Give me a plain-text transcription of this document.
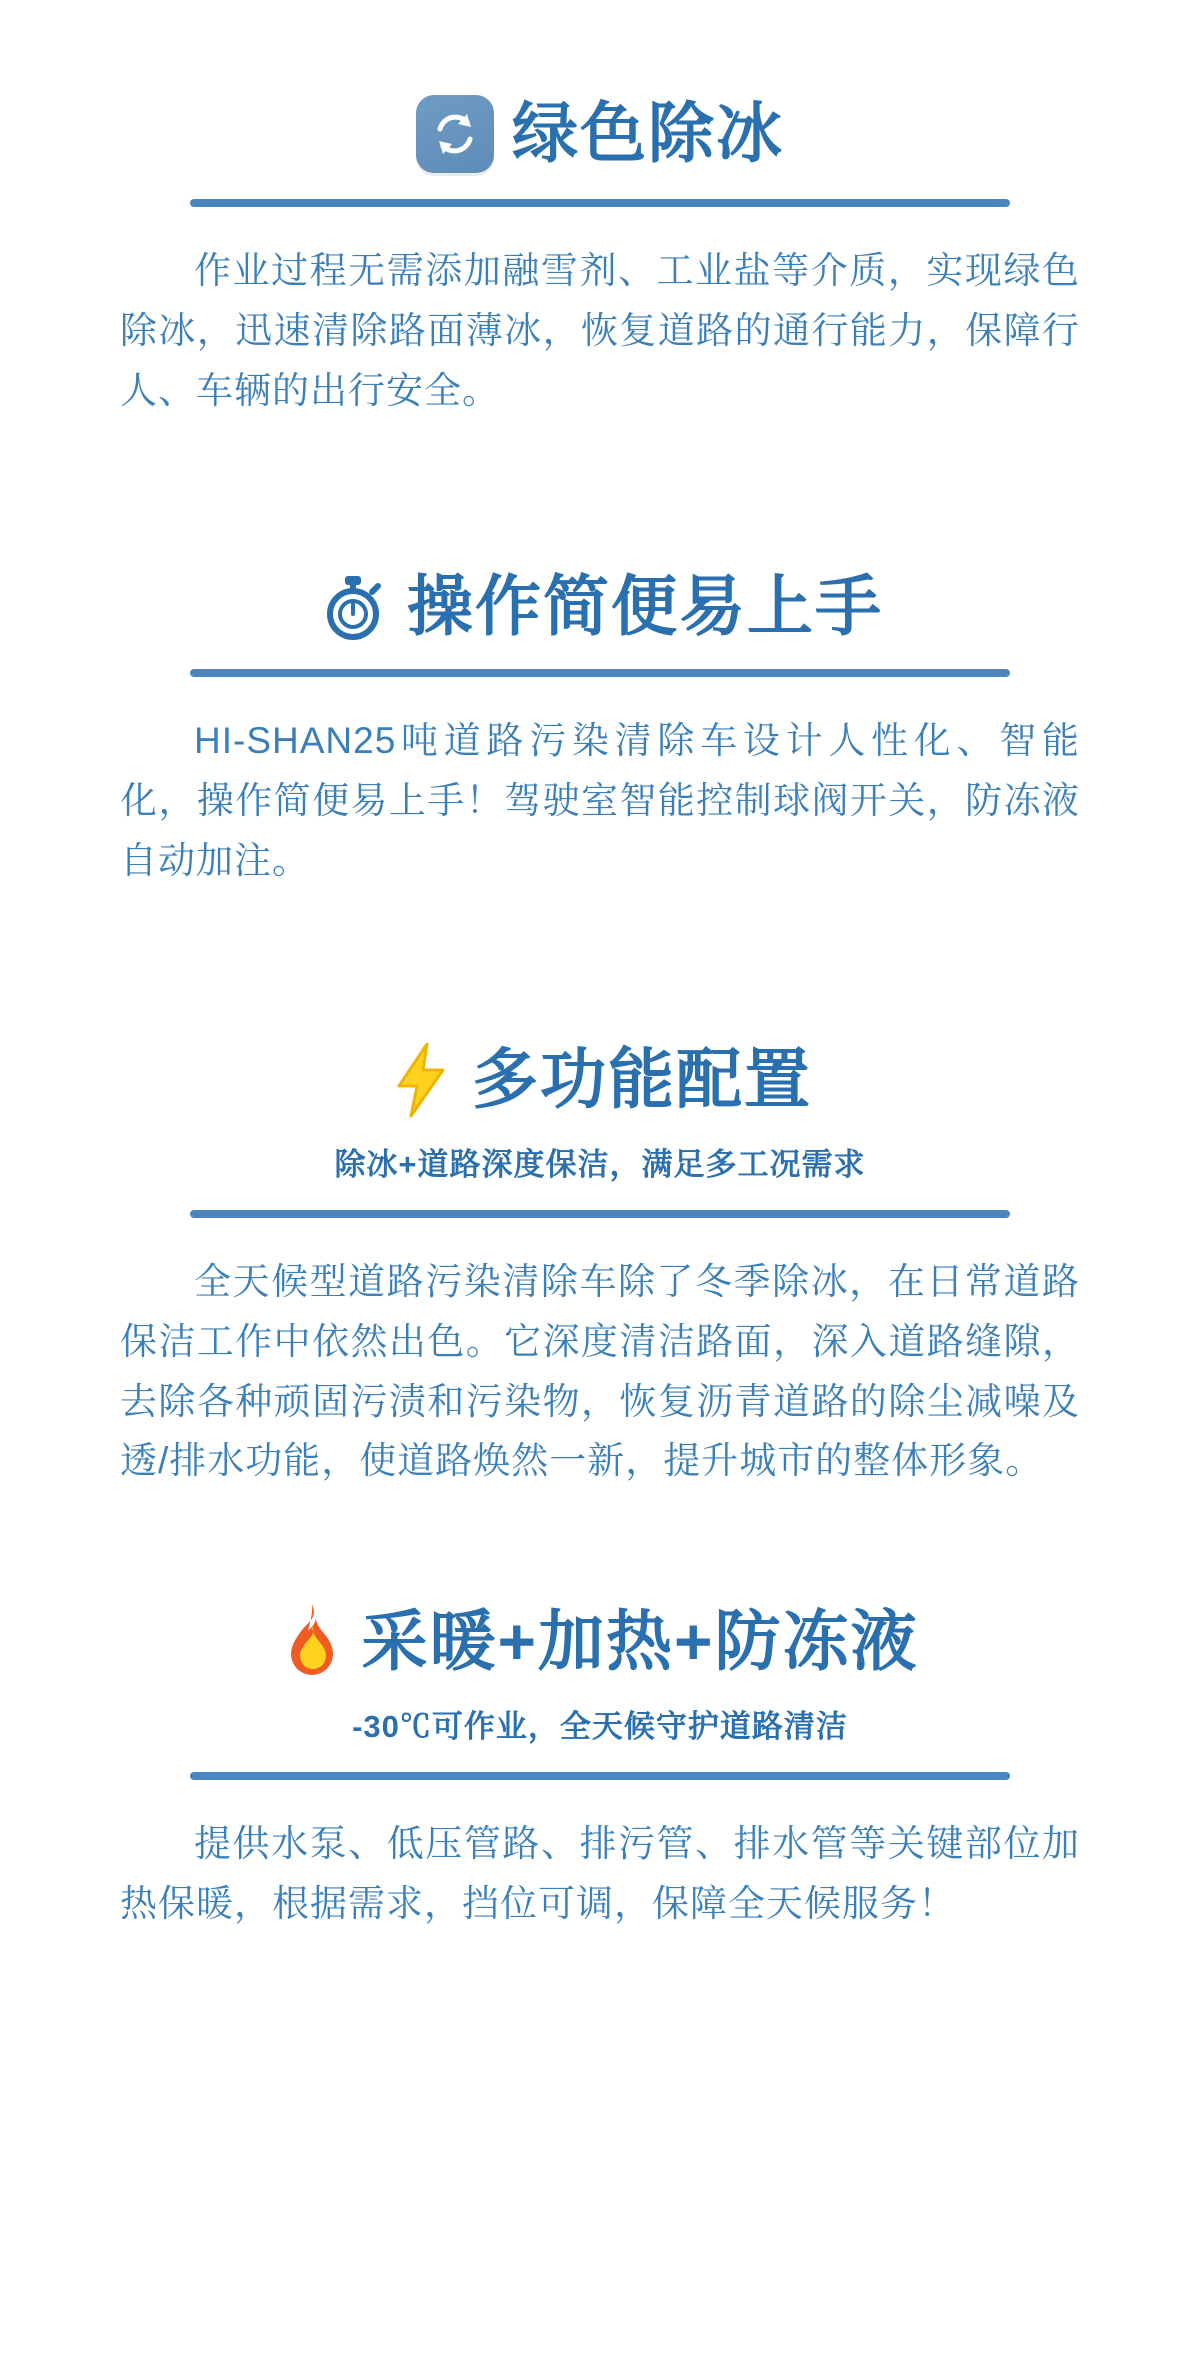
绿色除冰

作业过程无需添加融雪剂、工业盐等介质，实现绿色除冰，迅速清除路面薄冰，恢复道路的通行能力，保障行人、车辆的出行安全。

操作简便易上手

HI-SHAN25吨道路污染清除车设计人性化、智能化，操作简便易上手！驾驶室智能控制球阀开关，防冻液自动加注。

多功能配置
除冰+道路深度保洁，满足多工况需求

全天候型道路污染清除车除了冬季除冰，在日常道路保洁工作中依然出色。它深度清洁路面，深入道路缝隙，去除各种顽固污渍和污染物，恢复沥青道路的除尘减噪及透/排水功能，使道路焕然一新，提升城市的整体形象。

采暖+加热+防冻液
-30℃可作业，全天候守护道路清洁

提供水泵、低压管路、排污管、排水管等关键部位加热保暖，根据需求，挡位可调，保障全天候服务！
